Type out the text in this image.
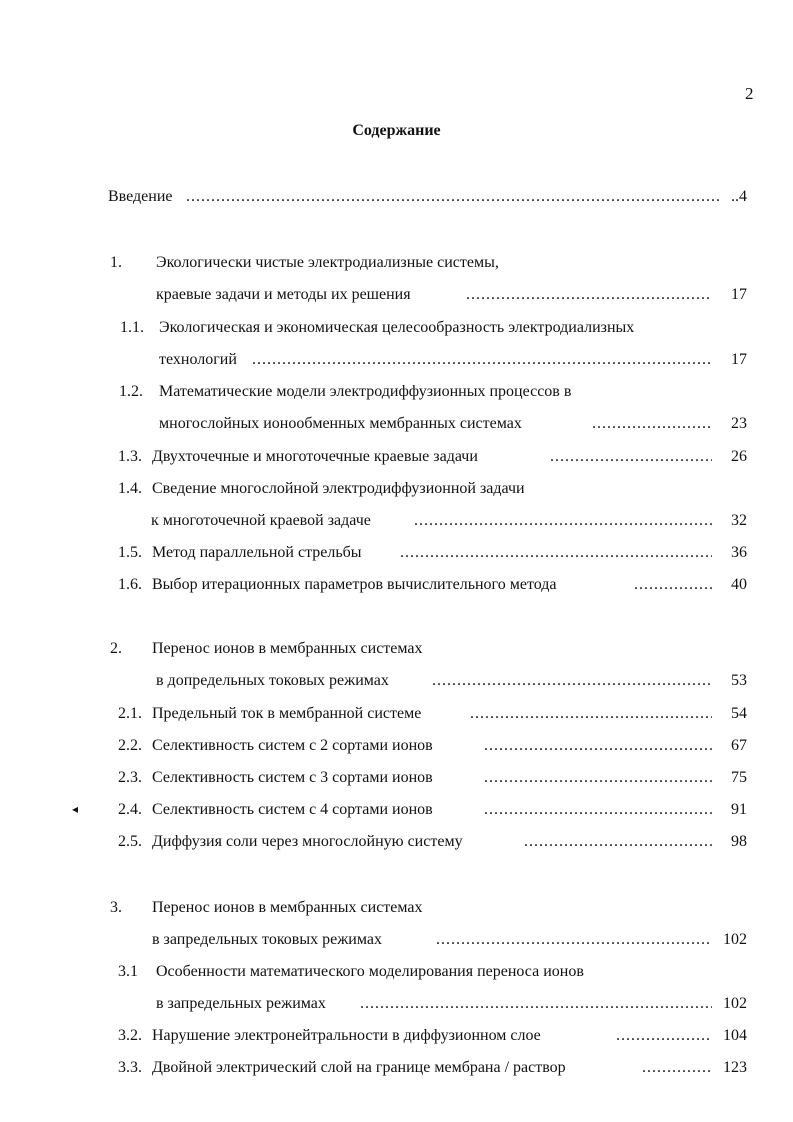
2
Содержание
Введение .....	..4
1. Экологически чистые электродиализные системы,
краевые задачи и методы их решения .....	17
1.1. Экологическая и экономическая целесообразность электродиализных
технологий .....	17
1.2. Математические модели электродиффузионных процессов в
многослойных ионообменных мембранных системах .....	23
1.3. Двухточечные и многоточечные краевые задачи .....	26
1.4. Сведение многослойной электродиффузионной задачи
к многоточечной краевой задаче .....	32
1.5. Метод параллельной стрельбы .....	36
1.6. Выбор итерационных параметров вычислительного метода .....	40
2. Перенос ионов в мембранных системах
в допредельных токовых режимах .....	53
2.1. Предельный ток в мембранной системе .....	54
2.2. Селективность систем с 2 сортами ионов .....	67
2.3. Селективность систем с 3 сортами ионов .....	75
2.4. Селективность систем с 4 сортами ионов .....	91
2.5. Диффузия соли через многослойную систему .....	98
3. Перенос ионов в мембранных системах
в запредельных токовых режимах .....	102
3.1 Особенности математического моделирования переноса ионов
в запредельных режимах .....	102
3.2. Нарушение электронейтральности в диффузионном слое .....	104
3.3. Двойной электрический слой на границе мембрана / раствор .....	123
◂
